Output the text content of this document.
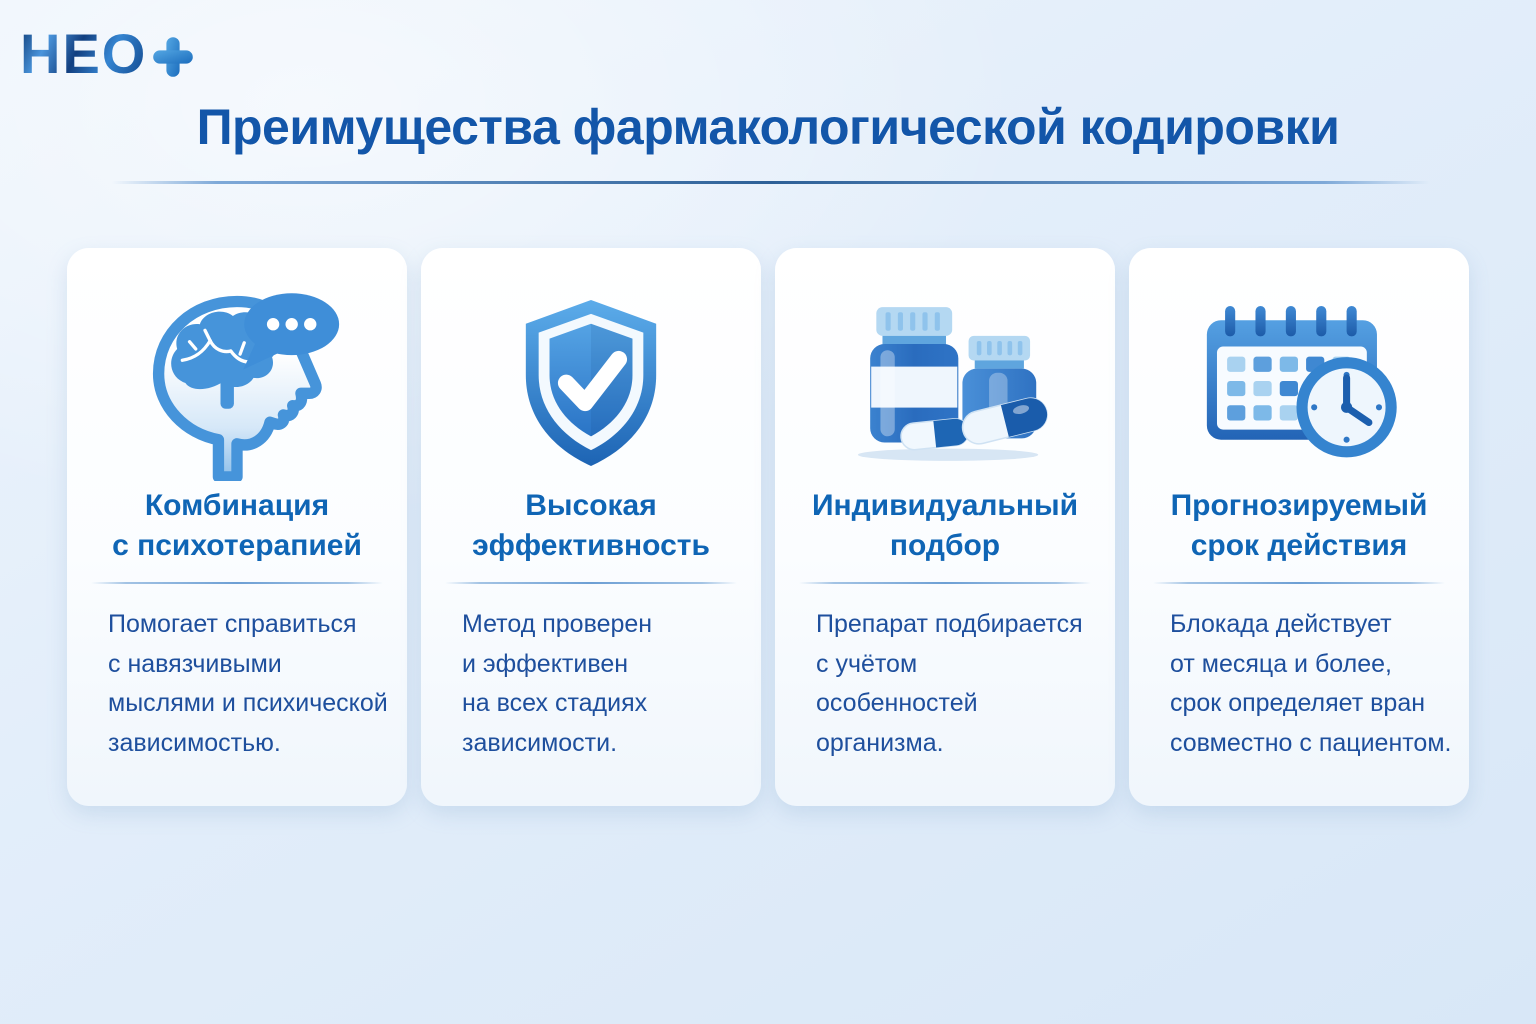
НЕО
Преимущества фармакологической кодировки
Комбинация
с психотерапией
Помогает справиться
с навязчивыми
мыслями и психической
зависимостью.
Высокая
эффективность
Метод проверен
и эффективен
на всех стадиях
зависимости.
Индивидуальный
подбор
Препарат подбирается
с учётом
особенностей организма.
Прогнозируемый
срок действия
Блокада действует
от месяца и более,
срок определяет вран
совместно с пациентом.
